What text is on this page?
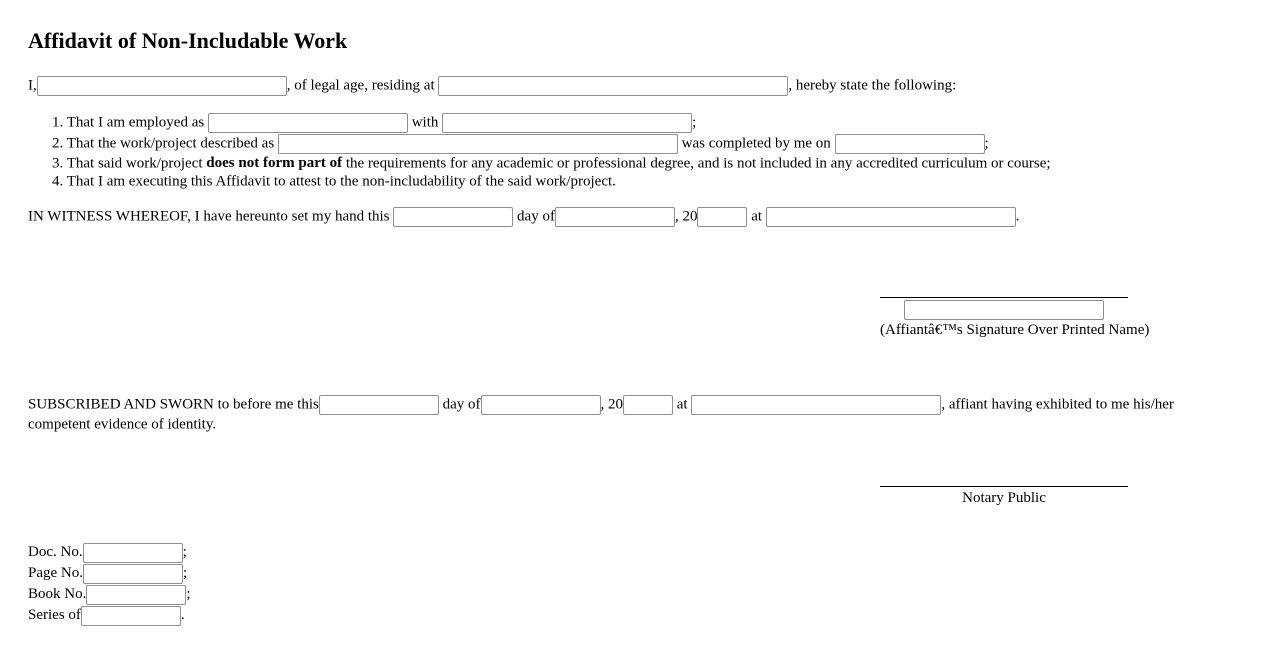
Affidavit of Non-Includable Work
I,	, of legal age, residing at	, hereby state the following:
1. That I am employed as	with	;
2. That the work/project described as	was completed by me on	;
3. That said work/project does not form part of the requirements for any academic or professional degree, and is not included in any accredited curriculum or course;
4. That I am executing this Affidavit to attest to the non-includability of the said work/project.
IN WITNESS WHEREOF, I have hereunto set my hand this	day of	, 20	at	.
(Affiantâ€™s Signature Over Printed Name)
SUBSCRIBED AND SWORN to before me this	day of	, 20	at	, affiant having exhibited to me his/her
competent evidence of identity.
Notary Public
Doc. No.	;
Page No.	;
Book No.	;
Series of	.
